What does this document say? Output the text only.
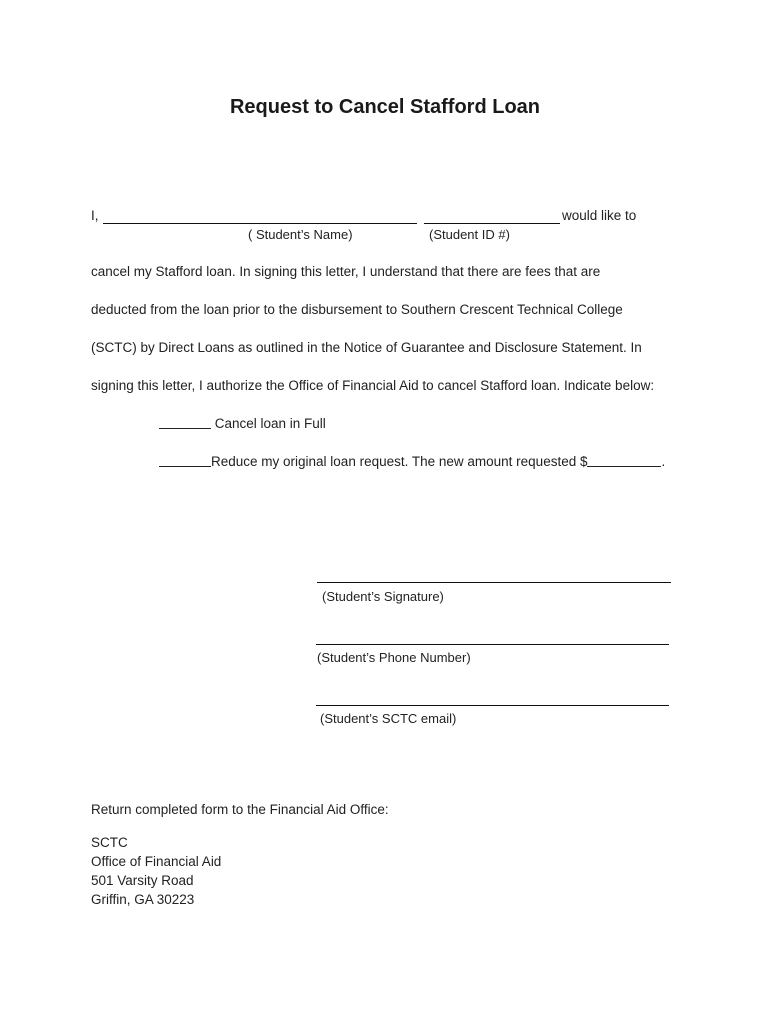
Request to Cancel Stafford Loan
I,	would like to
( Student’s Name)	(Student ID #)
cancel my Stafford loan. In signing this letter, I understand that there are fees that are
deducted from the loan prior to the disbursement to Southern Crescent Technical College
(SCTC) by Direct Loans as outlined in the Notice of Guarantee and Disclosure Statement. In
signing this letter, I authorize the Office of Financial Aid to cancel Stafford loan. Indicate below:
Cancel loan in Full
Reduce my original loan request. The new amount requested $	.
(Student’s Signature)
(Student’s Phone Number)
(Student’s SCTC email)
Return completed form to the Financial Aid Office:
SCTC
Office of Financial Aid
501 Varsity Road
Griffin, GA 30223
